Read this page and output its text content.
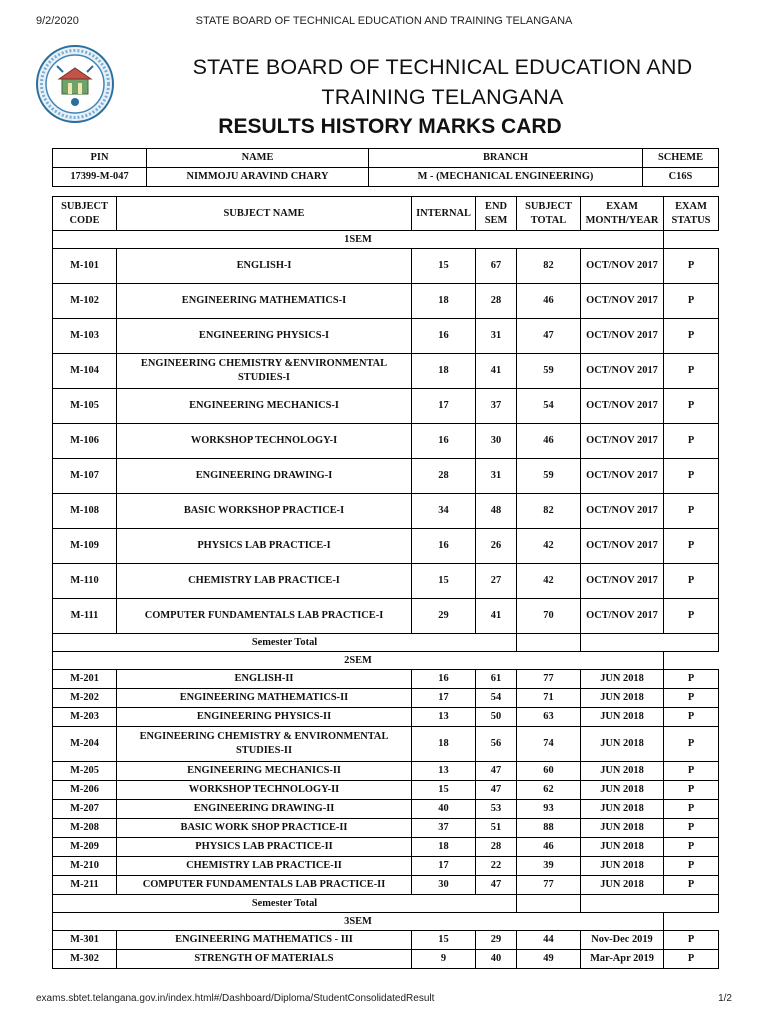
9/2/2020	STATE BOARD OF TECHNICAL EDUCATION AND TRAINING TELANGANA
STATE BOARD OF TECHNICAL EDUCATION AND
TRAINING TELANGANA
RESULTS HISTORY MARKS CARD
PIN	NAME	BRANCH	SCHEME
17399-M-047	NIMMOJU ARAVIND CHARY	M - (MECHANICAL ENGINEERING)	C16S
SUBJECT CODE	SUBJECT NAME	INTERNAL	END SEM	SUBJECT TOTAL	EXAM MONTH/YEAR	EXAM STATUS
1SEM						
M-101	ENGLISH-I	15	67	82	OCT/NOV 2017	P
M-102	ENGINEERING MATHEMATICS-I	18	28	46	OCT/NOV 2017	P
M-103	ENGINEERING PHYSICS-I	16	31	47	OCT/NOV 2017	P
M-104	ENGINEERING CHEMISTRY &ENVIRONMENTAL STUDIES-I	18	41	59	OCT/NOV 2017	P
M-105	ENGINEERING MECHANICS-I	17	37	54	OCT/NOV 2017	P
M-106	WORKSHOP TECHNOLOGY-I	16	30	46	OCT/NOV 2017	P
M-107	ENGINEERING DRAWING-I	28	31	59	OCT/NOV 2017	P
M-108	BASIC WORKSHOP PRACTICE-I	34	48	82	OCT/NOV 2017	P
M-109	PHYSICS LAB PRACTICE-I	16	26	42	OCT/NOV 2017	P
M-110	CHEMISTRY LAB PRACTICE-I	15	27	42	OCT/NOV 2017	P
M-111	COMPUTER FUNDAMENTALS LAB PRACTICE-I	29	41	70	OCT/NOV 2017	P
Semester Total						
2SEM						
M-201	ENGLISH-II	16	61	77	JUN 2018	P
M-202	ENGINEERING MATHEMATICS-II	17	54	71	JUN 2018	P
M-203	ENGINEERING PHYSICS-II	13	50	63	JUN 2018	P
M-204	ENGINEERING CHEMISTRY & ENVIRONMENTAL STUDIES-II	18	56	74	JUN 2018	P
M-205	ENGINEERING MECHANICS-II	13	47	60	JUN 2018	P
M-206	WORKSHOP TECHNOLOGY-II	15	47	62	JUN 2018	P
M-207	ENGINEERING DRAWING-II	40	53	93	JUN 2018	P
M-208	BASIC WORK SHOP PRACTICE-II	37	51	88	JUN 2018	P
M-209	PHYSICS LAB PRACTICE-II	18	28	46	JUN 2018	P
M-210	CHEMISTRY LAB PRACTICE-II	17	22	39	JUN 2018	P
M-211	COMPUTER FUNDAMENTALS LAB PRACTICE-II	30	47	77	JUN 2018	P
Semester Total						
3SEM						
M-301	ENGINEERING MATHEMATICS - III	15	29	44	Nov-Dec 2019	P
M-302	STRENGTH OF MATERIALS	9	40	49	Mar-Apr 2019	P
exams.sbtet.telangana.gov.in/index.html#/Dashboard/Diploma/StudentConsolidatedResult	1/2
